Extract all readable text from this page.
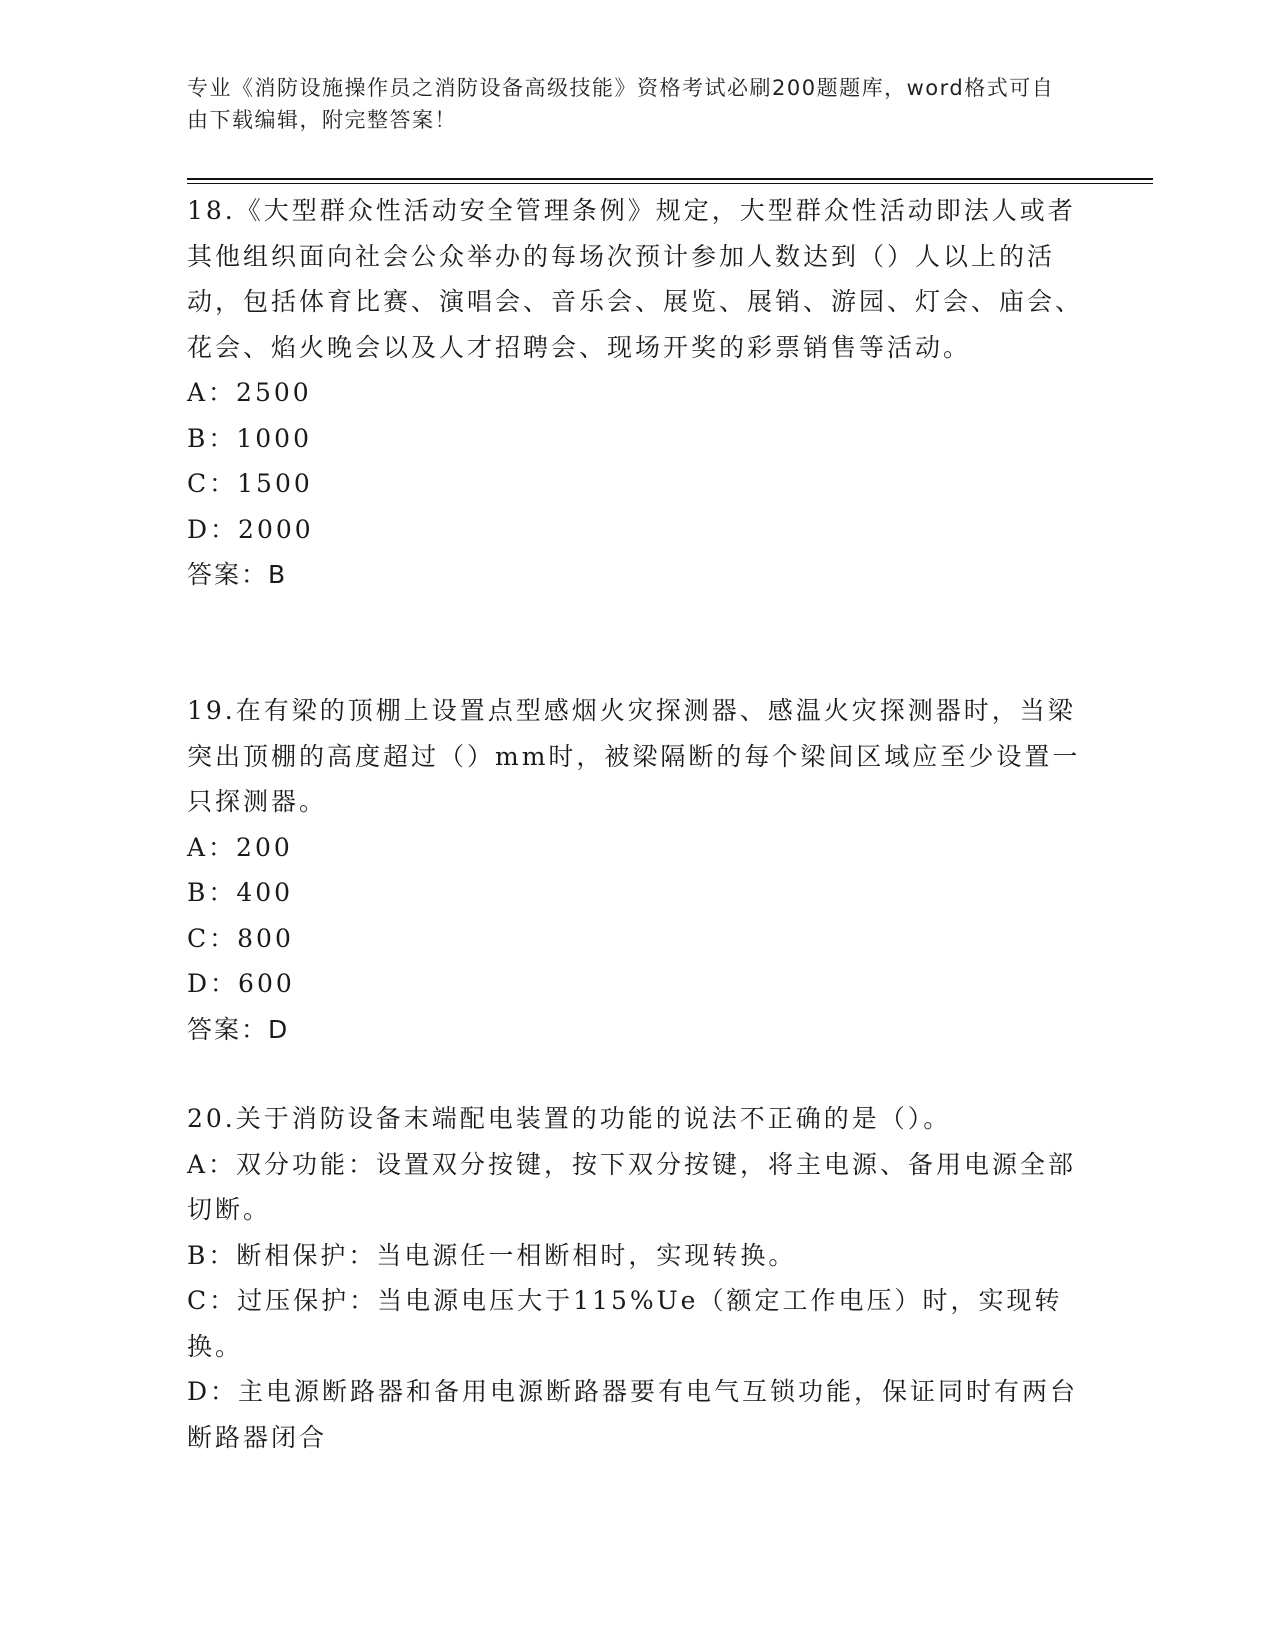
专业《消防设施操作员之消防设备高级技能》资格考试必刷200题题库，word格式可自由下载编辑，附完整答案！

18.《大型群众性活动安全管理条例》规定，大型群众性活动即法人或者其他组织面向社会公众举办的每场次预计参加人数达到（）人以上的活动，包括体育比赛、演唱会、音乐会、展览、展销、游园、灯会、庙会、花会、焰火晚会以及人才招聘会、现场开奖的彩票销售等活动。

A：2500

B：1000

C：1500

D：2000

答案：B

19.在有梁的顶棚上设置点型感烟火灾探测器、感温火灾探测器时，当梁突出顶棚的高度超过（）mm时，被梁隔断的每个梁间区域应至少设置一只探测器。

A：200

B：400

C：800

D：600

答案：D

20.关于消防设备末端配电装置的功能的说法不正确的是（）。

A：双分功能：设置双分按键，按下双分按键，将主电源、备用电源全部切断。

B：断相保护：当电源任一相断相时，实现转换。

C：过压保护：当电源电压大于115%Ue（额定工作电压）时，实现转换。

D：主电源断路器和备用电源断路器要有电气互锁功能，保证同时有两台断路器闭合
